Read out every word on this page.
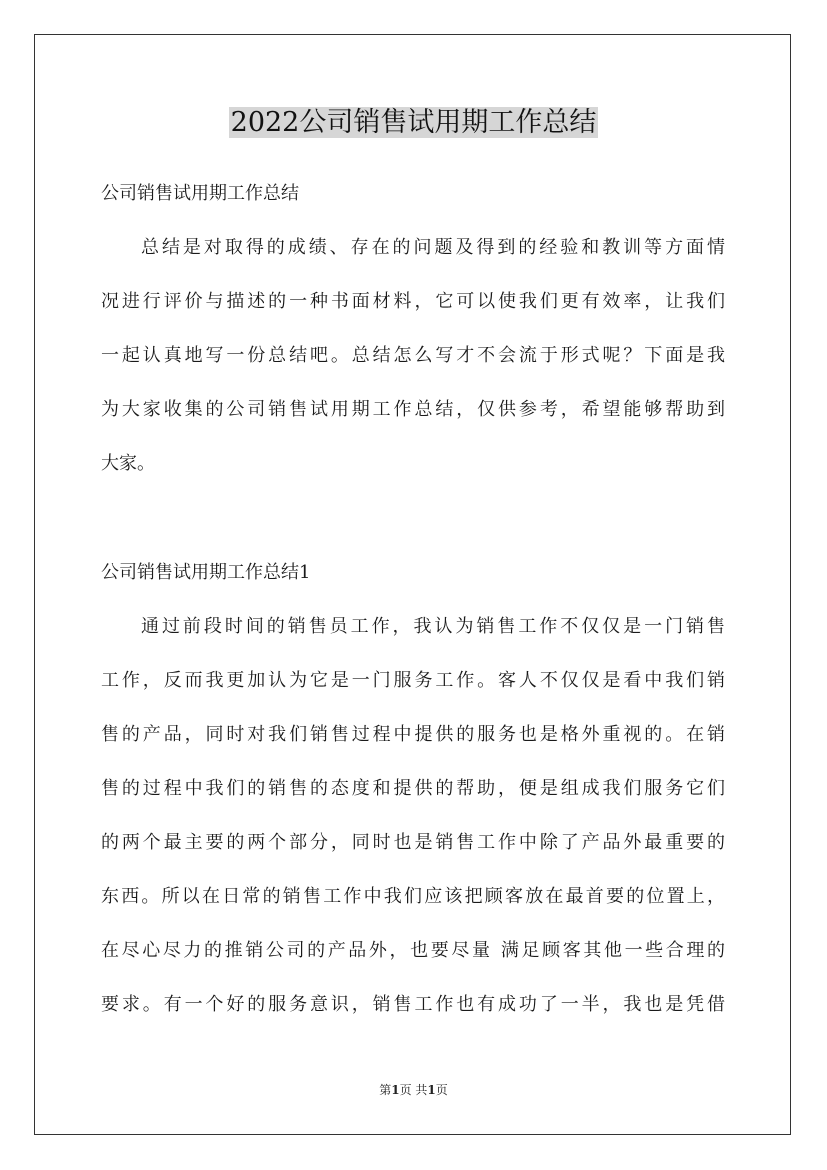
2022公司销售试用期工作总结
公司销售试用期工作总结
总结是对取得的成绩、存在的问题及得到的经验和教训等方面情
况进行评价与描述的一种书面材料，它可以使我们更有效率，让我们
一起认真地写一份总结吧。总结怎么写才不会流于形式呢？下面是我
为大家收集的公司销售试用期工作总结，仅供参考，希望能够帮助到
大家。
公司销售试用期工作总结1
通过前段时间的销售员工作，我认为销售工作不仅仅是一门销售
工作，反而我更加认为它是一门服务工作。客人不仅仅是看中我们销
售的产品，同时对我们销售过程中提供的服务也是格外重视的。在销
售的过程中我们的销售的态度和提供的帮助，便是组成我们服务它们
的两个最主要的两个部分，同时也是销售工作中除了产品外最重要的
东西。所以在日常的销售工作中我们应该把顾客放在最首要的位置上，
在尽心尽力的推销公司的产品外，也要尽量 满足顾客其他一些合理的
要求。有一个好的服务意识，销售工作也有成功了一半，我也是凭借
第1页 共1页
